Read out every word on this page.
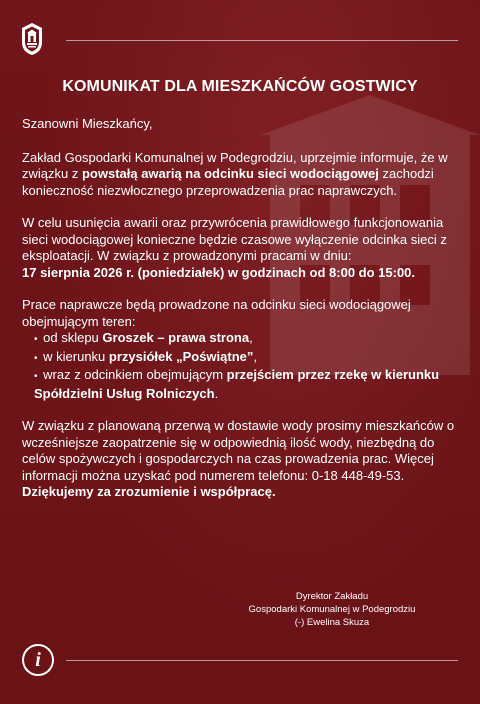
KOMUNIKAT DLA MIESZKAŃCÓW GOSTWICY

Szanowni Mieszkańcy,

Zakład Gospodarki Komunalnej w Podegrodziu, uprzejmie informuje, że w związku z powstałą awarią na odcinku sieci wodociągowej zachodzi konieczność niezwłocznego przeprowadzenia prac naprawczych.

W celu usunięcia awarii oraz przywrócenia prawidłowego funkcjonowania sieci wodociągowej konieczne będzie czasowe wyłączenie odcinka sieci z eksploatacji. W związku z prowadzonymi pracami w dniu:
17 sierpnia 2026 r. (poniedziałek) w godzinach od 8:00 do 15:00.

Prace naprawcze będą prowadzone na odcinku sieci wodociągowej obejmującym teren:
• od sklepu Groszek – prawa strona,
• w kierunku przysiółek „Poświątne”,
• wraz z odcinkiem obejmującym przejściem przez rzekę w kierunku Spółdzielni Usług Rolniczych.

W związku z planowaną przerwą w dostawie wody prosimy mieszkańców o wcześniejsze zaopatrzenie się w odpowiednią ilość wody, niezbędną do celów spożywczych i gospodarczych na czas prowadzenia prac. Więcej informacji można uzyskać pod numerem telefonu: 0-18 448-49-53.

Dziękujemy za zrozumienie i współpracę.

Dyrektor Zakładu
Gospodarki Komunalnej w Podegrodziu
(-) Ewelina Skuza
i
